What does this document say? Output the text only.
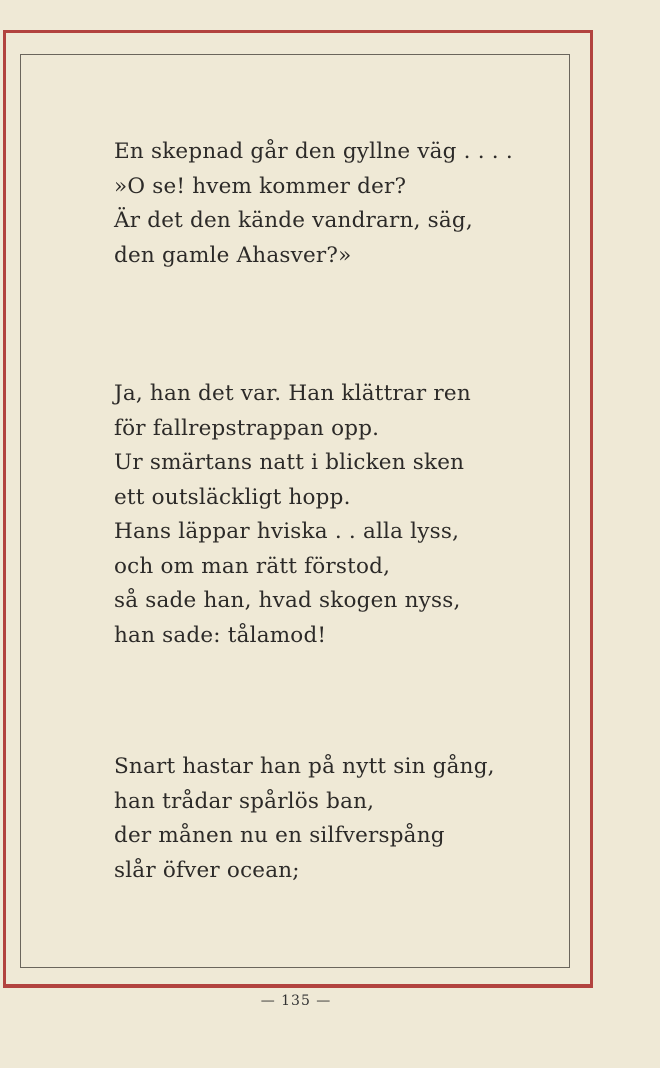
En skepnad går den gyllne väg . . . .
»O se! hvem kommer der?
Är det den kände vandrarn, säg,
den gamle Ahasver?»
Ja, han det var. Han klättrar ren
för fallrepstrappan opp.
Ur smärtans natt i blicken sken
ett outsläckligt hopp.
Hans läppar hviska . . alla lyss,
och om man rätt förstod,
så sade han, hvad skogen nyss,
han sade: tålamod!
Snart hastar han på nytt sin gång,
han trådar spårlös ban,
der månen nu en silfverspång
slår öfver ocean;
— 135 —
